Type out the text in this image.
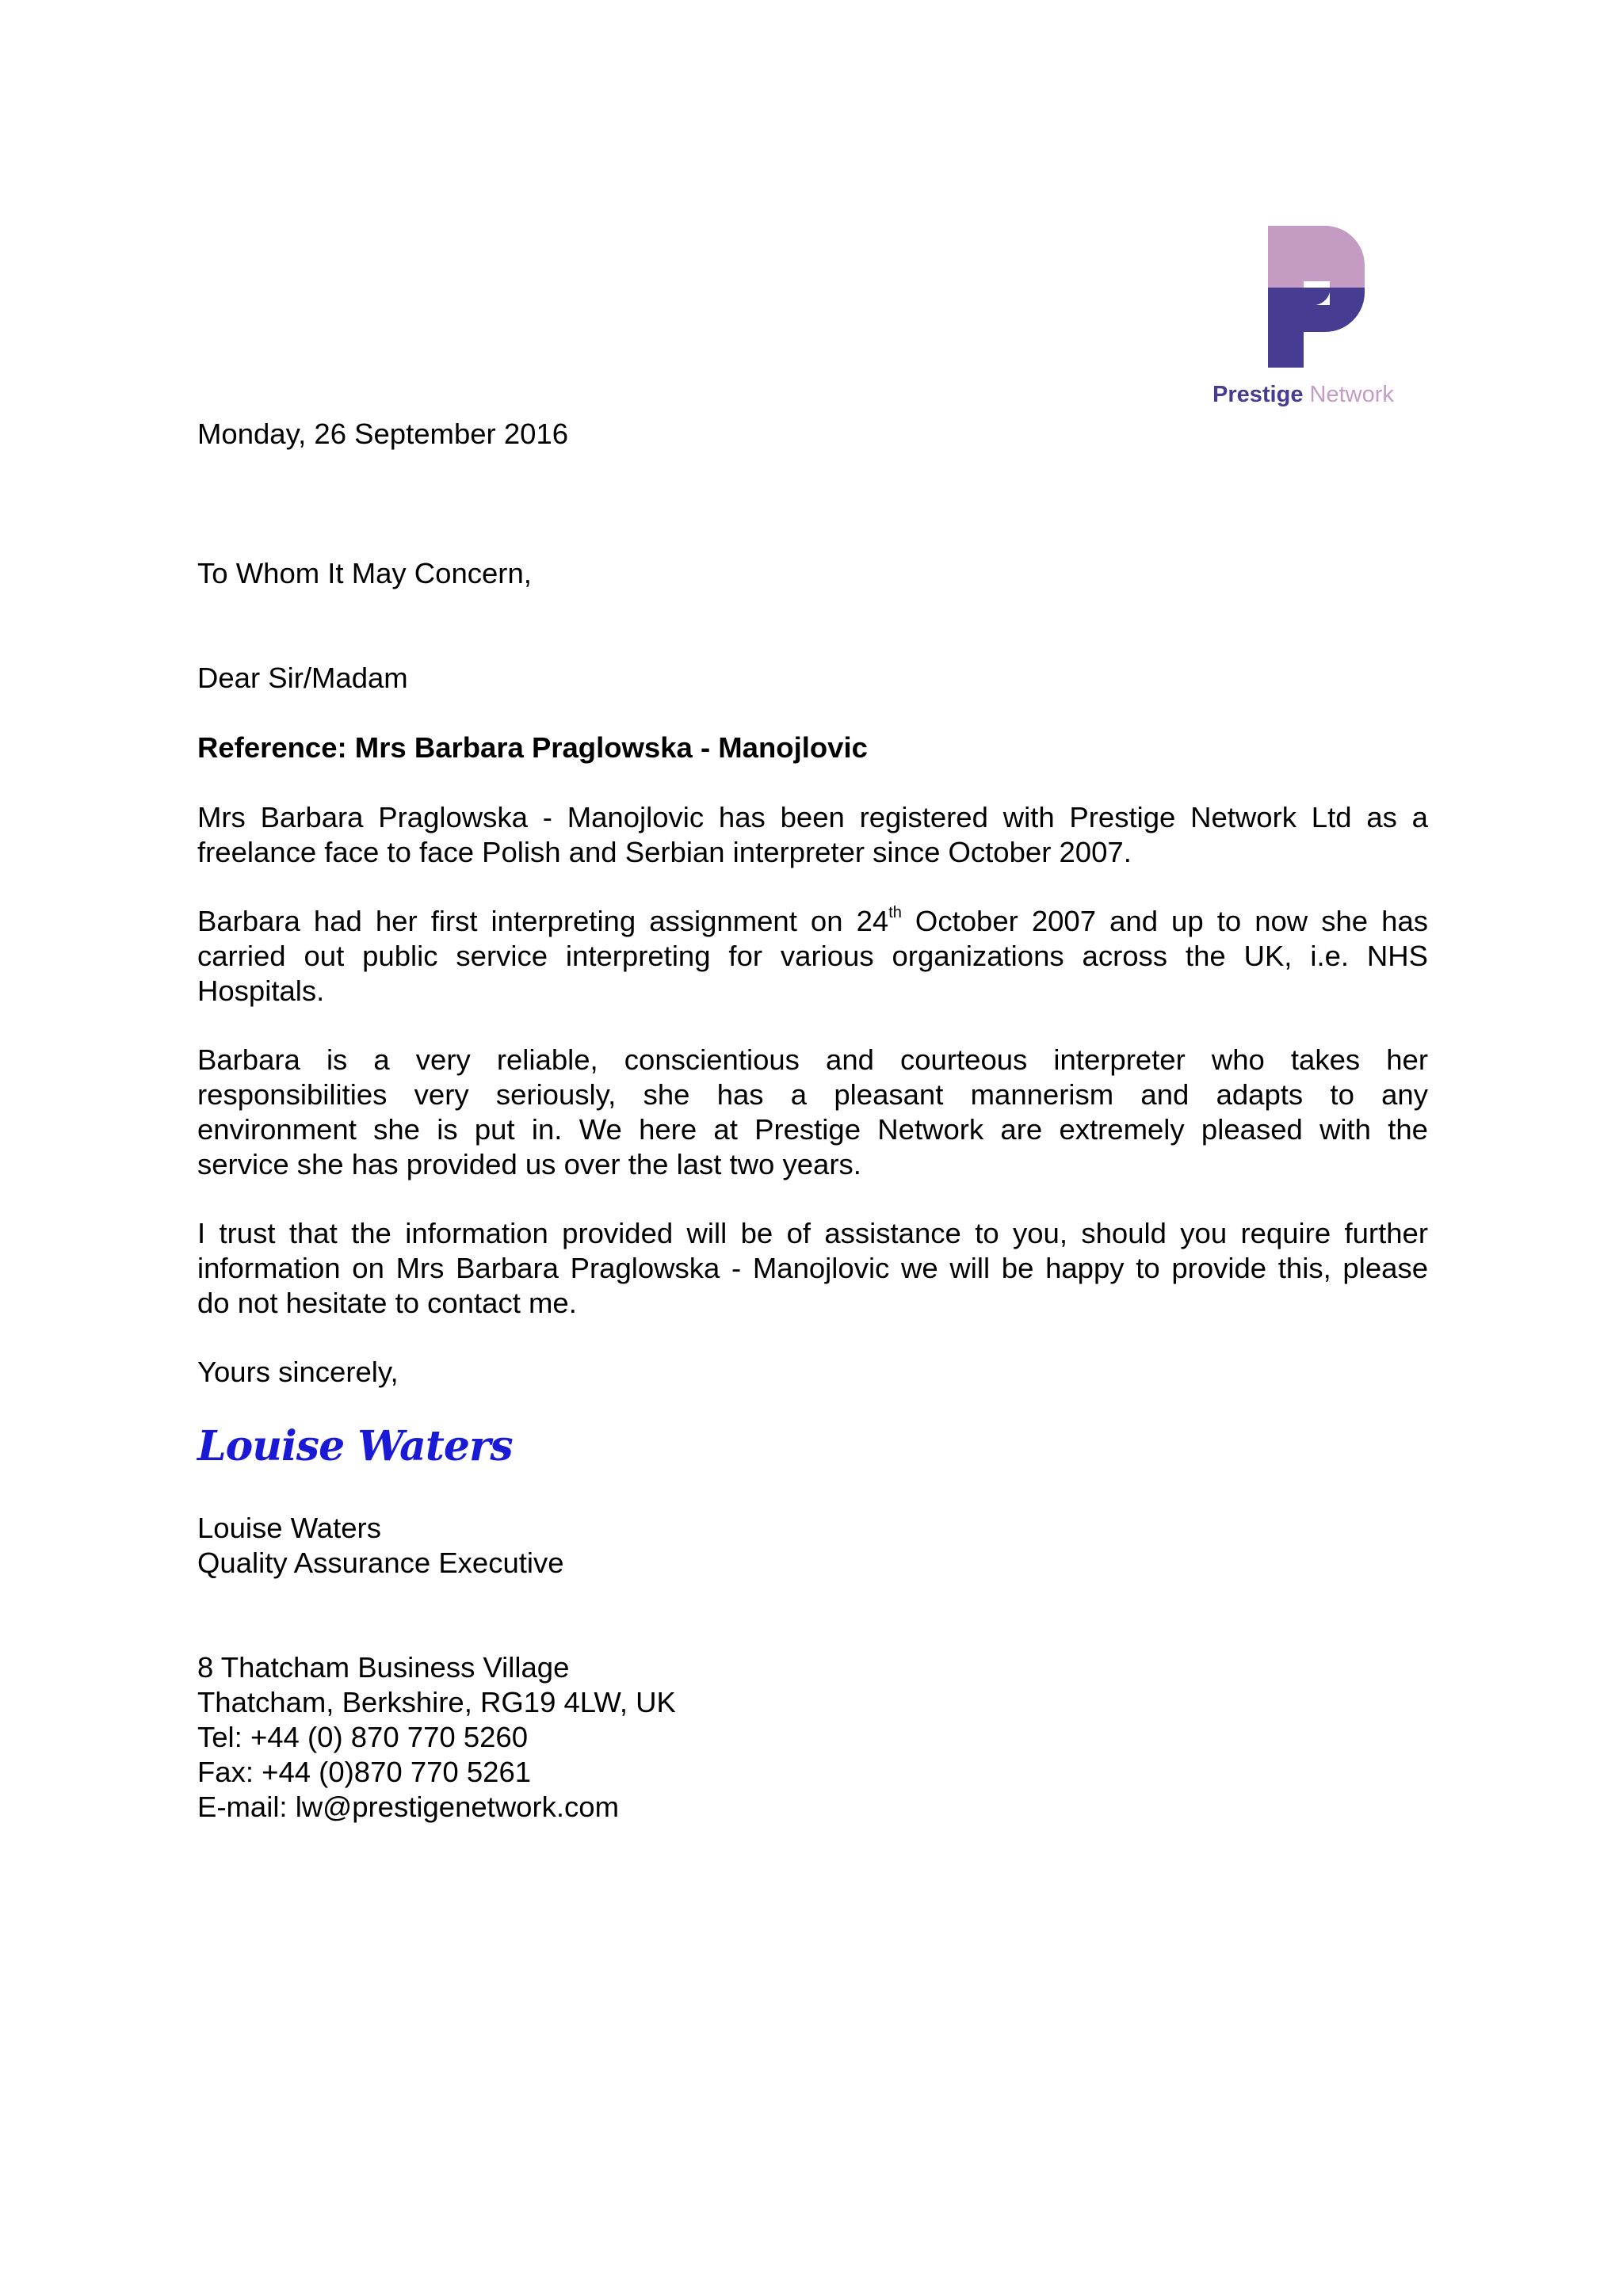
Prestige Network
Monday, 26 September 2016
To Whom It May Concern,
Dear Sir/Madam
Reference: Mrs Barbara Praglowska - Manojlovic
Mrs Barbara Praglowska - Manojlovic has been registered with Prestige Network Ltd as a
freelance face to face Polish and Serbian interpreter since October 2007.
Barbara had her first interpreting assignment on 24th October 2007 and up to now she has
carried out public service interpreting for various organizations across the UK, i.e. NHS
Hospitals.
Barbara is a very reliable, conscientious and courteous interpreter who takes her
responsibilities very seriously, she has a pleasant mannerism and adapts to any
environment she is put in. We here at Prestige Network are extremely pleased with the
service she has provided us over the last two years.
I trust that the information provided will be of assistance to you, should you require further
information on Mrs Barbara Praglowska - Manojlovic we will be happy to provide this, please
do not hesitate to contact me.
Yours sincerely,
Louise Waters
Louise Waters
Quality Assurance Executive
8 Thatcham Business Village
Thatcham, Berkshire, RG19 4LW, UK
Tel: +44 (0) 870 770 5260
Fax: +44 (0)870 770 5261
E-mail: lw@prestigenetwork.com
